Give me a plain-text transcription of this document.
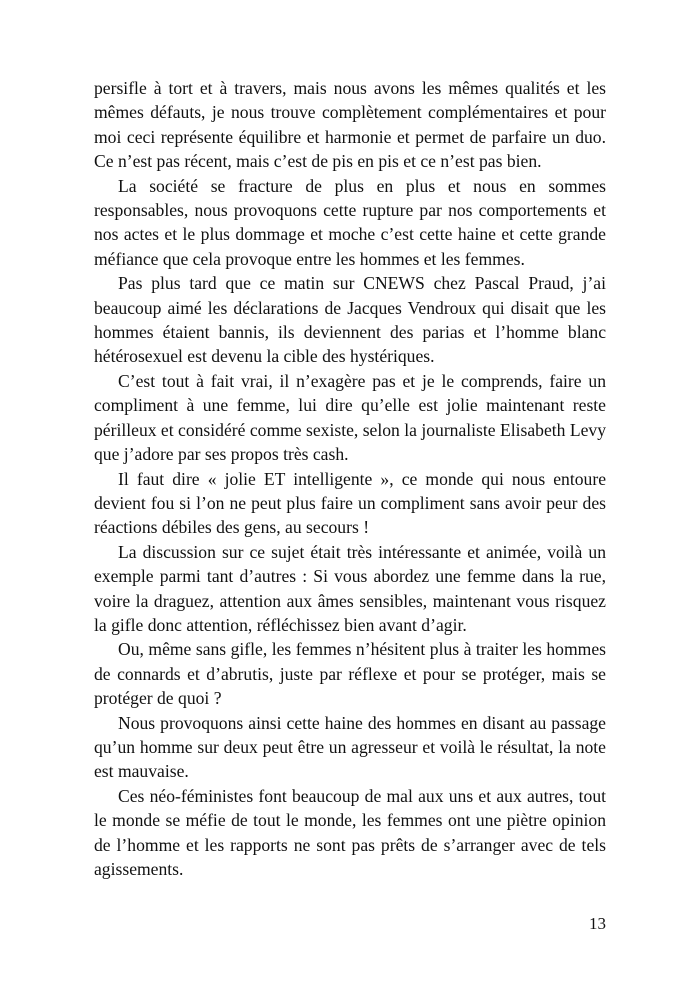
persifle à tort et à travers, mais nous avons les mêmes qualités et les mêmes défauts, je nous trouve complètement complémentaires et pour moi ceci représente équilibre et harmonie et permet de parfaire un duo. Ce n’est pas récent, mais c’est de pis en pis et ce n’est pas bien.

La société se fracture de plus en plus et nous en sommes responsables, nous provoquons cette rupture par nos comportements et nos actes et le plus dommage et moche c’est cette haine et cette grande méfiance que cela provoque entre les hommes et les femmes.

Pas plus tard que ce matin sur CNEWS chez Pascal Praud, j’ai beaucoup aimé les déclarations de Jacques Vendroux qui disait que les hommes étaient bannis, ils deviennent des parias et l’homme blanc hétérosexuel est devenu la cible des hystériques.

C’est tout à fait vrai, il n’exagère pas et je le comprends, faire un compliment à une femme, lui dire qu’elle est jolie maintenant reste périlleux et considéré comme sexiste, selon la journaliste Elisabeth Levy que j’adore par ses propos très cash.

Il faut dire « jolie ET intelligente », ce monde qui nous entoure devient fou si l’on ne peut plus faire un compliment sans avoir peur des réactions débiles des gens, au secours !

La discussion sur ce sujet était très intéressante et animée, voilà un exemple parmi tant d’autres : Si vous abordez une femme dans la rue, voire la draguez, attention aux âmes sensibles, maintenant vous risquez la gifle donc attention, réfléchissez bien avant d’agir.

Ou, même sans gifle, les femmes n’hésitent plus à traiter les hommes de connards et d’abrutis, juste par réflexe et pour se protéger, mais se protéger de quoi ?

Nous provoquons ainsi cette haine des hommes en disant au passage qu’un homme sur deux peut être un agresseur et voilà le résultat, la note est mauvaise.

Ces néo-féministes font beaucoup de mal aux uns et aux autres, tout le monde se méfie de tout le monde, les femmes ont une piètre opinion de l’homme et les rapports ne sont pas prêts de s’arranger avec de tels agissements.

13
